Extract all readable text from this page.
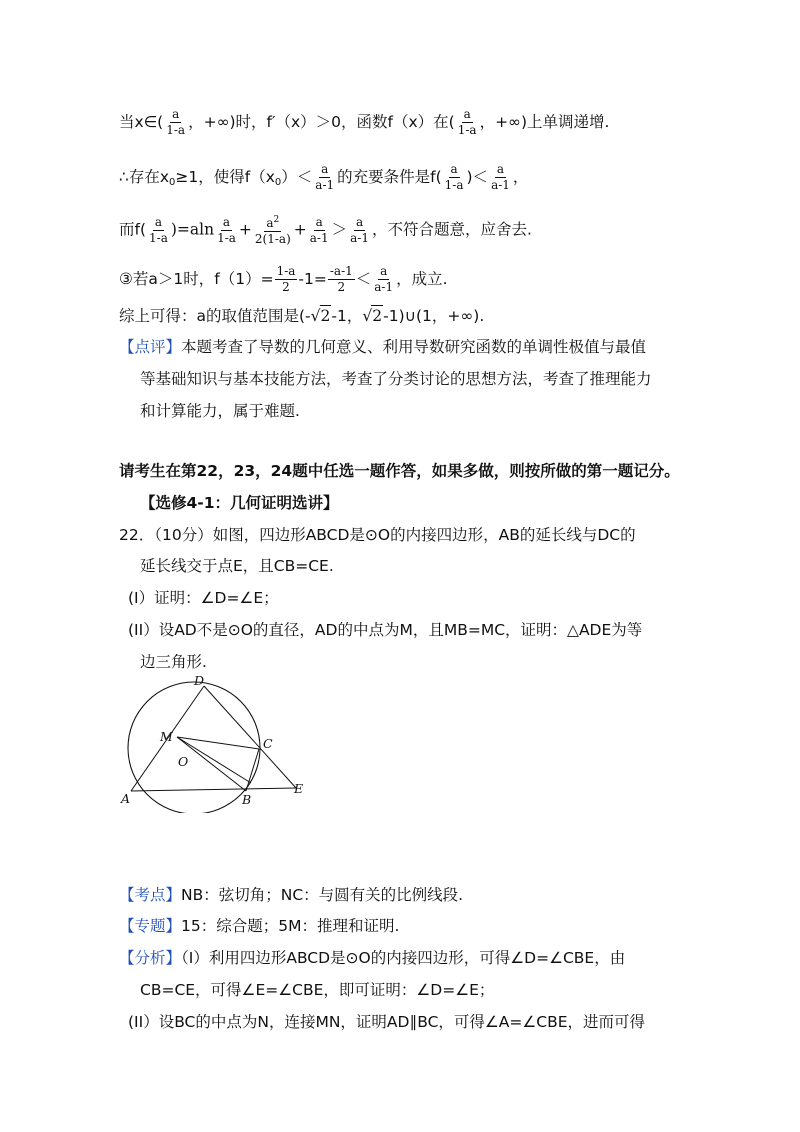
当x∈( $\frac{a}{1-a}$ ，+∞)时，f′（x）＞0，函数f（x）在( $\frac{a}{1-a}$ ，+∞)上单调递增.
∴存在$x_0\ge 1$，使得$f(x_0)< \frac{a}{a-1}$ 的充要条件是$f( \frac{a}{1-a}$ )＜ $\frac{a}{a-1}$ ，
而$f( \frac{a}{1-a} )=aln \frac{a}{1-a} + \frac{a^2}{2(1-a)} + \frac{a}{a-1} > \frac{a}{a-1}$ ，不符合题意，应舍去.
③若a＞1时，$f(1)= \frac{1-a}{2} -1= \frac{-a-1}{2} < \frac{a}{a-1}$ ，成立.
综上可得：a的取值范围是(-√2-1，√2-1)∪(1，+∞).
【点评】本题考查了导数的几何意义、利用导数研究函数的单调性极值与最值
等基础知识与基本技能方法，考查了分类讨论的思想方法，考查了推理能力
和计算能力，属于难题.
请考生在第22，23，24题中任选一题作答，如果多做，则按所做的第一题记分。
【选修4-1：几何证明选讲】
22．（10分）如图，四边形ABCD是⊙O的内接四边形，AB的延长线与DC的
延长线交于点E，且CB=CE.
(I）证明：∠D=∠E；
(II）设AD不是⊙O的直径，AD的中点为M，且MB=MC，证明：△ADE为等
边三角形.
D
M	C
O
A	B
E
【考点】NB：弦切角；NC：与圆有关的比例线段.
【专题】15：综合题；5M：推理和证明.
【分析】（I）利用四边形ABCD是⊙O的内接四边形，可得∠D=∠CBE，由
CB=CE，可得∠E=∠CBE，即可证明：∠D=∠E；
(II）设BC的中点为N，连接MN，证明AD∥BC，可得∠A=∠CBE，进而可得
